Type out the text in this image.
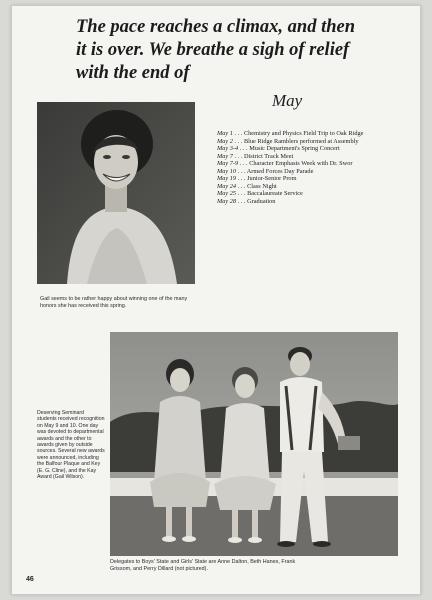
The pace reaches a climax, and then
it is over. We breathe a sigh of relief
with the end of
May
Gail seems to be rather happy about winning one of the many honors she has received this spring.
May 1 . . . Chemistry and Physics Field Trip to Oak Ridge
May 2 . . . Blue Ridge Ramblers performed at Assembly
May 3-4 . . . Music Department's Spring Concert
May 7 . . . District Track Meet
May 7-9 . . . Character Emphasis Week with Dr. Swor
May 10 . . . Armed Forces Day Parade
May 19 . . . Junior-Senior Prom
May 24 . . . Class Night
May 25 . . . Baccalaureate Service
May 28 . . . Graduation
Deserving Seminard students received recognition on May 9 and 10. One day was devoted to departmental awards and the other to awards given by outside sources. Several new awards were announced, including the Balfour Plaque and Key (E. G. Cline), and the Kay Award (Gail Wilson).
Delegates to Boys' State and Girls' State are Anne Dalton, Beth Hanes, Frank Grissom, and Perry Dillard (not pictured).
46
